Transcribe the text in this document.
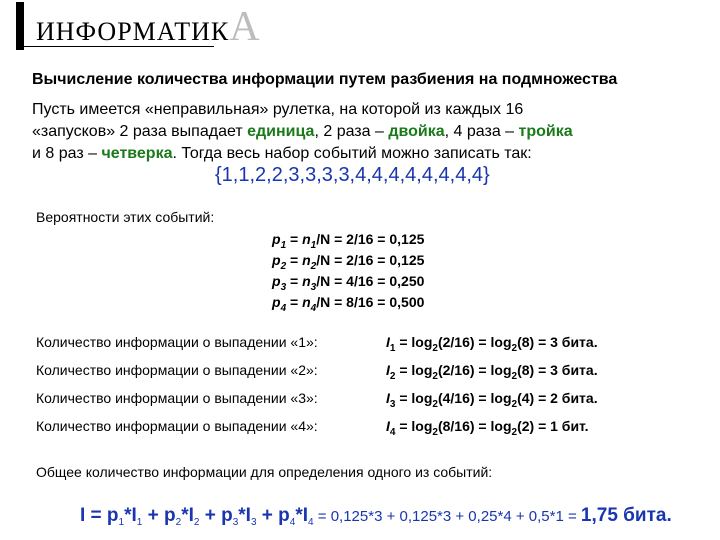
ИНФОРМАТИКА
Вычисление количества информации путем разбиения на подмножества
Пусть имеется «неправильная» рулетка, на которой из каждых 16
«запусков» 2 раза выпадает единица, 2 раза – двойка, 4 раза – тройка
и 8 раз – четверка. Тогда весь набор событий можно записать так:
{1,1,2,2,3,3,3,3,4,4,4,4,4,4,4,4}
Вероятности этих событий:
$p_1 = n_1/N = 2/16 = 0,125$
$p_2 = n_2/N = 2/16 = 0,125$
$p_3 = n_3/N = 4/16 = 0,250$
$p_4 = n_4/N = 8/16 = 0,500$
Количество информации о выпадении «1»:	$I_1 = \log_2(2/16) = \log_2(8) = 3$ бита.
Количество информации о выпадении «2»:	$I_2 = \log_2(2/16) = \log_2(8) = 3$ бита.
Количество информации о выпадении «3»:	$I_3 = \log_2(4/16) = \log_2(4) = 2$ бита.
Количество информации о выпадении «4»:	$I_4 = \log_2(8/16) = \log_2(2) = 1$ бит.
Общее количество информации для определения одного из событий:
$I = p_1*I_1 + p_2*I_2 + p_3*I_3 + p_4*I_4 = 0,125*3 + 0,125*3 + 0,25*4 + 0,5*1 = 1,75$ бита.
